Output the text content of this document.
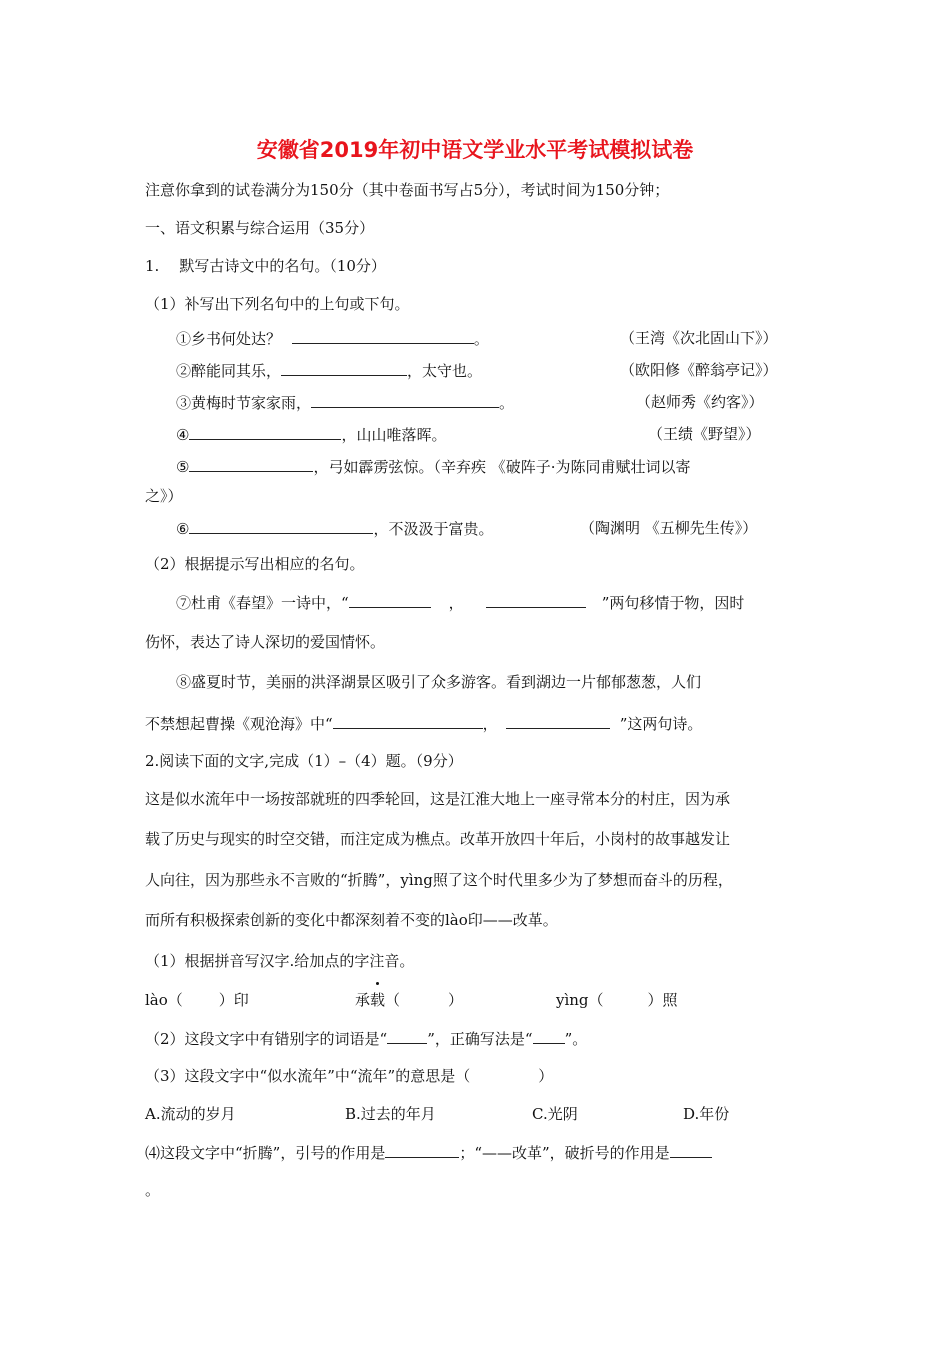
安徽省2019年初中语文学业水平考试模拟试卷
注意你拿到的试卷满分为150分（其中卷面书写占5分），考试时间为150分钟；
一、语文积累与综合运用（35分）
1. 默写古诗文中的名句。（10分）
（1）补写出下列名句中的上句或下句。
①乡书何处达？	。	（王湾《次北固山下》）
②醉能同其乐，	，太守也。	（欧阳修《醉翁亭记》）
③黄梅时节家家雨，	。	（赵师秀《约客》）
④	，山山唯落晖。	（王绩《野望》）
⑤	，弓如霹雳弦惊。（辛弃疾 《破阵子·为陈同甫赋壮词以寄
之》）
⑥	，不汲汲于富贵。	（陶渊明 《五柳先生传》）
（2）根据提示写出相应的名句。
⑦杜甫《春望》一诗中，“	，	”两句移情于物，因时
伤怀，表达了诗人深切的爱国情怀。
⑧盛夏时节，美丽的洪泽湖景区吸引了众多游客。看到湖边一片郁郁葱葱，人们
不禁想起曹操《观沧海》中“	，	”这两句诗。
2.阅读下面的文字,完成（1）–（4）题。（9分）
这是似水流年中一场按部就班的四季轮回，这是江淮大地上一座寻常本分的村庄，因为承
载了历史与现实的时空交错，而注定成为樵点。改革开放四十年后，小岗村的故事越发让
人向往，因为那些永不言败的“折腾”，yìng照了这个时代里多少为了梦想而奋斗的历程，
而所有积极探索创新的变化中都深刻着不变的lào印——改革。
（1）根据拼音写汉字.给加点的字注音。
lào（ ）印	承载（	）	yìng（	）照
（2）这段文字中有错别字的词语是“	”，正确写法是“ ”。
（3）这段文字中“似水流年”中“流年”的意思是（	）
A.流动的岁月	B.过去的年月	C.光阴	D.年份
⑷这段文字中“折腾”，引号的作用是	；“——改革”，破折号的作用是
。
